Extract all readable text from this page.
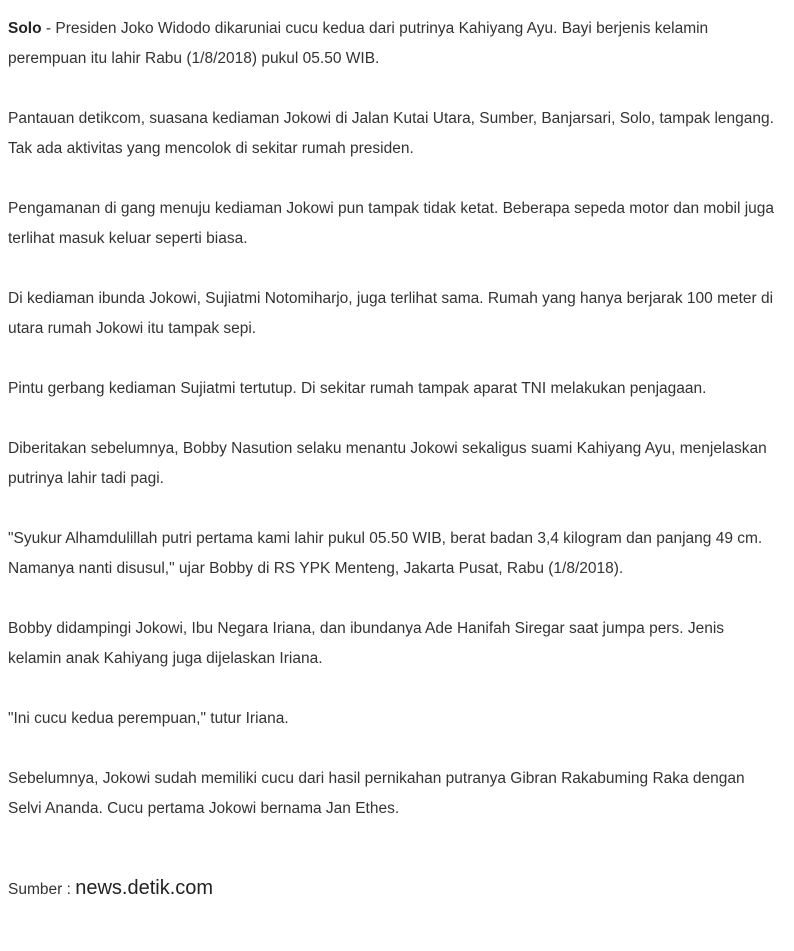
Solo - Presiden Joko Widodo dikaruniai cucu kedua dari putrinya Kahiyang Ayu. Bayi berjenis kelamin perempuan itu lahir Rabu (1/8/2018) pukul 05.50 WIB.

Pantauan detikcom, suasana kediaman Jokowi di Jalan Kutai Utara, Sumber, Banjarsari, Solo, tampak lengang. Tak ada aktivitas yang mencolok di sekitar rumah presiden.

Pengamanan di gang menuju kediaman Jokowi pun tampak tidak ketat. Beberapa sepeda motor dan mobil juga terlihat masuk keluar seperti biasa.

Di kediaman ibunda Jokowi, Sujiatmi Notomiharjo, juga terlihat sama. Rumah yang hanya berjarak 100 meter di utara rumah Jokowi itu tampak sepi.

Pintu gerbang kediaman Sujiatmi tertutup. Di sekitar rumah tampak aparat TNI melakukan penjagaan.

Diberitakan sebelumnya, Bobby Nasution selaku menantu Jokowi sekaligus suami Kahiyang Ayu, menjelaskan putrinya lahir tadi pagi.

"Syukur Alhamdulillah putri pertama kami lahir pukul 05.50 WIB, berat badan 3,4 kilogram dan panjang 49 cm. Namanya nanti disusul," ujar Bobby di RS YPK Menteng, Jakarta Pusat, Rabu (1/8/2018).

Bobby didampingi Jokowi, Ibu Negara Iriana, dan ibundanya Ade Hanifah Siregar saat jumpa pers. Jenis kelamin anak Kahiyang juga dijelaskan Iriana.

"Ini cucu kedua perempuan," tutur Iriana.

Sebelumnya, Jokowi sudah memiliki cucu dari hasil pernikahan putranya Gibran Rakabuming Raka dengan Selvi Ananda. Cucu pertama Jokowi bernama Jan Ethes.

Sumber : news.detik.com
